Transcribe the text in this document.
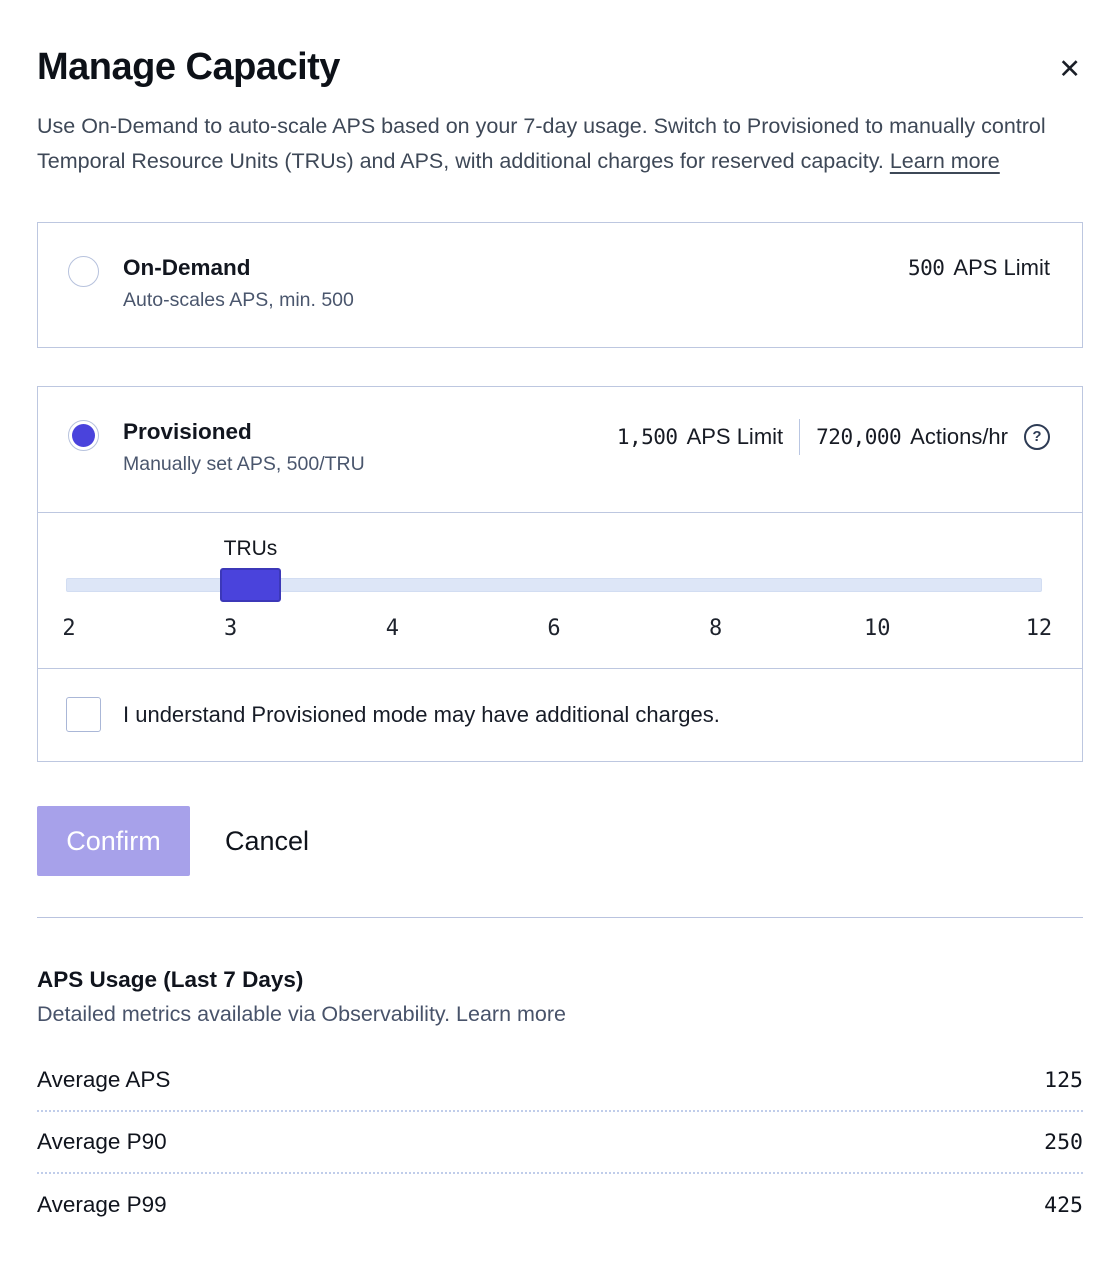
Manage Capacity	✕

Use On-Demand to auto-scale APS based on your 7-day usage. Switch to Provisioned to manually control Temporal Resource Units (TRUs) and APS, with additional charges for reserved capacity. Learn more

On-Demand
Auto-scales APS, min. 500
500 APS Limit
Provisioned
Manually set APS, 500/TRU
1,500 APS Limit 720,000 Actions/hr	?
TRUs
2	3	4	6	8	10	12
I understand Provisioned mode may have additional charges.
Confirm	Cancel
APS Usage (Last 7 Days)

Detailed metrics available via Observability. Learn more

Average APS	125
Average P90	250
Average P99	425
